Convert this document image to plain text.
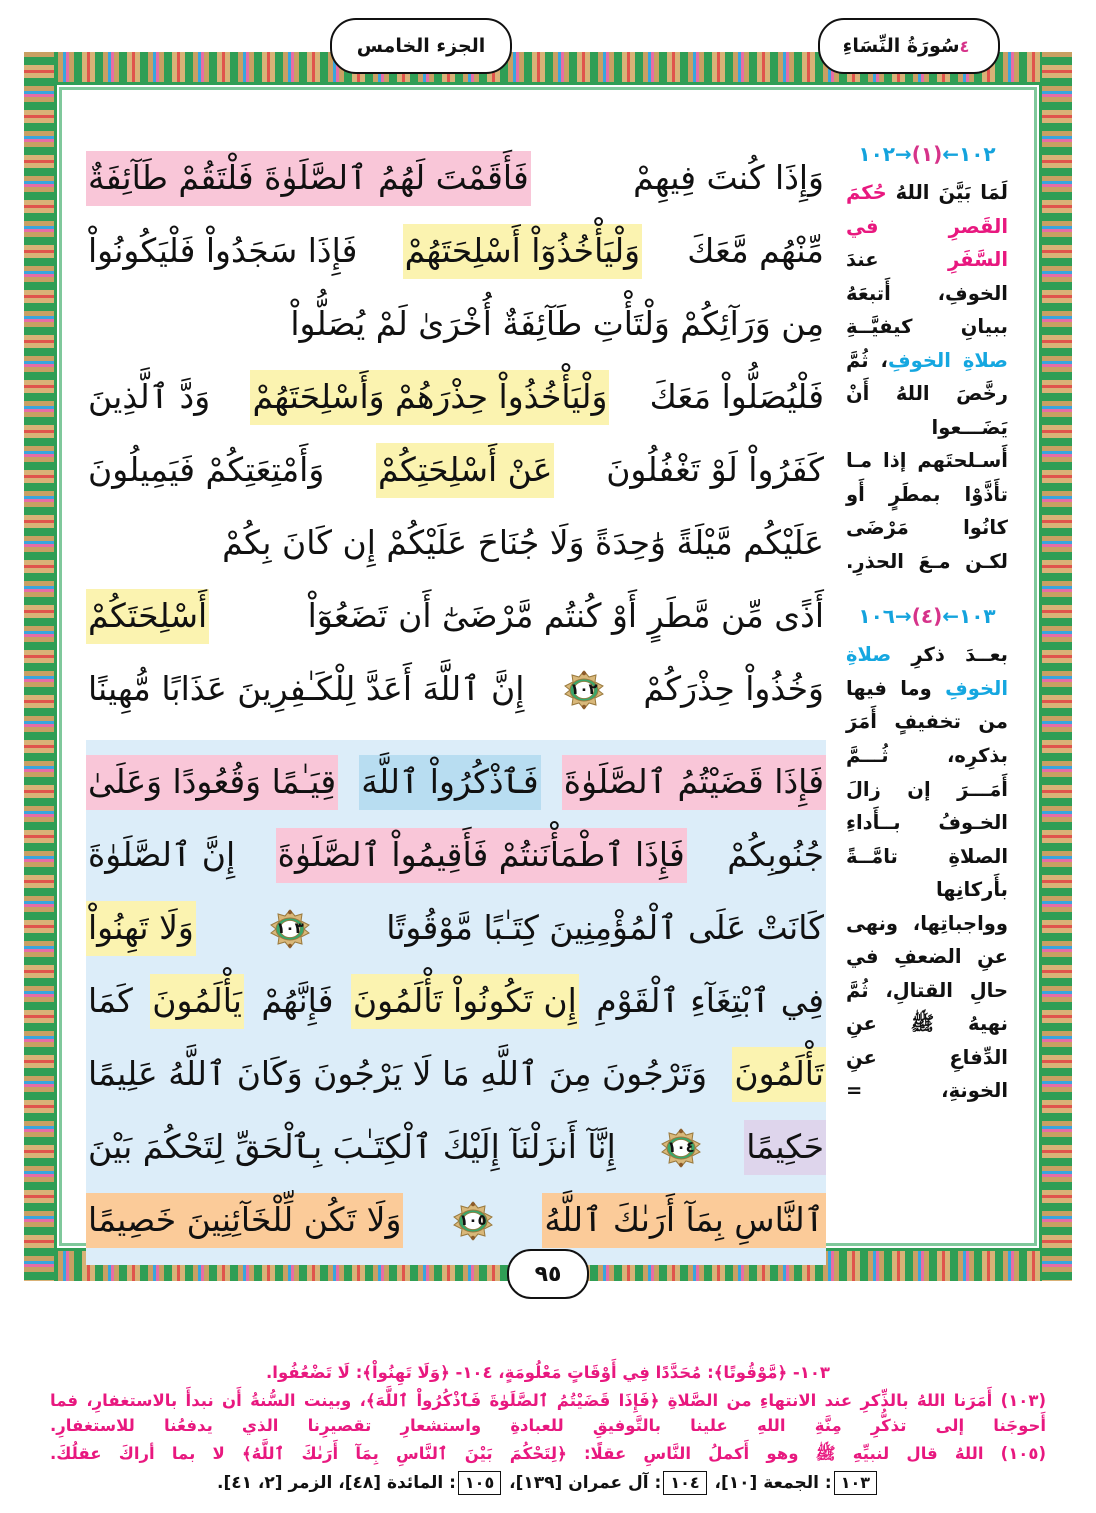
١٠٢←(١)→١٠٢
لَمَا بَيَّنَ اللهُ حُكمَ القَصرِ في السَّفَرِ عندَ الخوفِ، أَتبعَهُ ببيانِ كيفيَّــةِ صلاةِ الخوفِ، ثُمَّ رخَّصَ اللهُ أَنْ يَضَـــعوا أَسـلحتَهم إذا مـا تأَذَّوْا بمطَرٍ أَو كانُوا مَرْضَى لكـن مـعَ الحذرِ.
١٠٣←(٤)→١٠٦
بعــدَ ذكرِ صلاةِ الخوفِ وما فيها من تخفيفٍ أَمَرَ بذكرِه، ثُـــمَّ أَمَـــرَ إن زالَ الخـوفُ بــأَداءِ الصلاةِ تامَّــةً بأَركانِها وواجباتِها، ونهى عنِ الضعفِ في حالِ القتالِ، ثُمَّ نهيهُ ﷺ عنِ الدِّفاعِ عنِ الخونةِ، =
وَإِذَا كُنتَ فِيهِمْ
فَأَقَمْتَ لَهُمُ ٱلصَّلَوٰةَ فَلْتَقُمْ طَآئِفَةٌ
مِّنْهُم مَّعَكَ
وَلْيَأْخُذُوٓاْ أَسْلِحَتَهُمْ
فَإِذَا سَجَدُواْ فَلْيَكُونُواْ
مِن وَرَآئِكُمْ وَلْتَأْتِ طَآئِفَةٌ أُخْرَىٰ لَمْ يُصَلُّواْ
فَلْيُصَلُّواْ مَعَكَ
وَلْيَأْخُذُواْ حِذْرَهُمْ وَأَسْلِحَتَهُمْ
وَدَّ ٱلَّذِينَ
كَفَرُواْ لَوْ تَغْفُلُونَ
عَنْ أَسْلِحَتِكُمْ
وَأَمْتِعَتِكُمْ فَيَمِيلُونَ
عَلَيْكُم مَّيْلَةً وَٰحِدَةً وَلَا جُنَاحَ عَلَيْكُمْ إِن كَانَ بِكُمْ
أَذًى مِّن مَّطَرٍ أَوْ كُنتُم مَّرْضَىٰٓ أَن تَضَعُوٓاْ
أَسْلِحَتَكُمْ
وَخُذُواْ حِذْرَكُمْ
١٠٢
إِنَّ ٱللَّهَ أَعَدَّ لِلْكَـٰفِرِينَ عَذَابًا مُّهِينًا
فَإِذَا قَضَيْتُمُ ٱلصَّلَوٰةَ
فَٱذْكُرُواْ ٱللَّهَ
قِيَـٰمًا وَقُعُودًا وَعَلَىٰ
جُنُوبِكُمْ
فَإِذَا ٱطْمَأْنَنتُمْ فَأَقِيمُواْ ٱلصَّلَوٰةَ
إِنَّ ٱلصَّلَوٰةَ
كَانَتْ عَلَى ٱلْمُؤْمِنِينَ كِتَـٰبًا مَّوْقُوتًا
١٠٣
وَلَا تَهِنُواْ
فِي ٱبْتِغَآءِ ٱلْقَوْمِ
إِن تَكُونُواْ تَأْلَمُونَ
فَإِنَّهُمْ
يَأْلَمُونَ
كَمَا
تَأْلَمُونَ
وَتَرْجُونَ مِنَ ٱللَّهِ مَا لَا يَرْجُونَ وَكَانَ ٱللَّهُ عَلِيمًا
حَكِيمًا
١٠٤
إِنَّآ أَنزَلْنَآ إِلَيْكَ ٱلْكِتَـٰبَ بِٱلْحَقِّ لِتَحْكُمَ بَيْنَ
ٱلنَّاسِ بِمَآ أَرَىٰكَ ٱللَّهُ
١٠٥
وَلَا تَكُن لِّلْخَآئِنِينَ خَصِيمًا
٤سُورَةُ النِّسَاءِ
الجزء الخامس
٩٥
١٠٣- ﴿مَّوْقُوتًا﴾: مُحَدَّدًا فِي أَوْقَاتٍ مَعْلُومَةٍ، ١٠٤- ﴿وَلَا تَهِنُواْ﴾: لَا تَضْعُفُوا.
(١٠٣) أَمَرَنا اللهُ بالذِّكرِ عند الانتهاءِ من الصَّلاةِ ﴿فَإِذَا قَضَيْتُمُ ٱلصَّلَوٰةَ فَٱذْكُرُواْ ٱللَّهَ﴾، وبينت السُّنةُ أَن نبدأَ بالاستغفارِ، فما أَحوجَنا إلى تذكُّرِ مِنَّةِ اللهِ علينا بالتَّوفيقِ للعبادةِ واستشعارِ تقصيرِنا الذي يدفعُنا للاستغفارِ.
(١٠٥) اللهُ قال لنبيِّهِ ﷺ وهو أَكملُ النَّاسِ عقلًا: ﴿لِتَحْكُمَ بَيْنَ ٱلنَّاسِ بِمَآ أَرَىٰكَ ٱللَّهُ﴾ لا بما أراكَ عقلُكَ.
١٠٣: الجمعة [١٠]، ١٠٤: آل عمران [١٣٩]، ١٠٥: المائدة [٤٨]، الزمر [٢، ٤١].
